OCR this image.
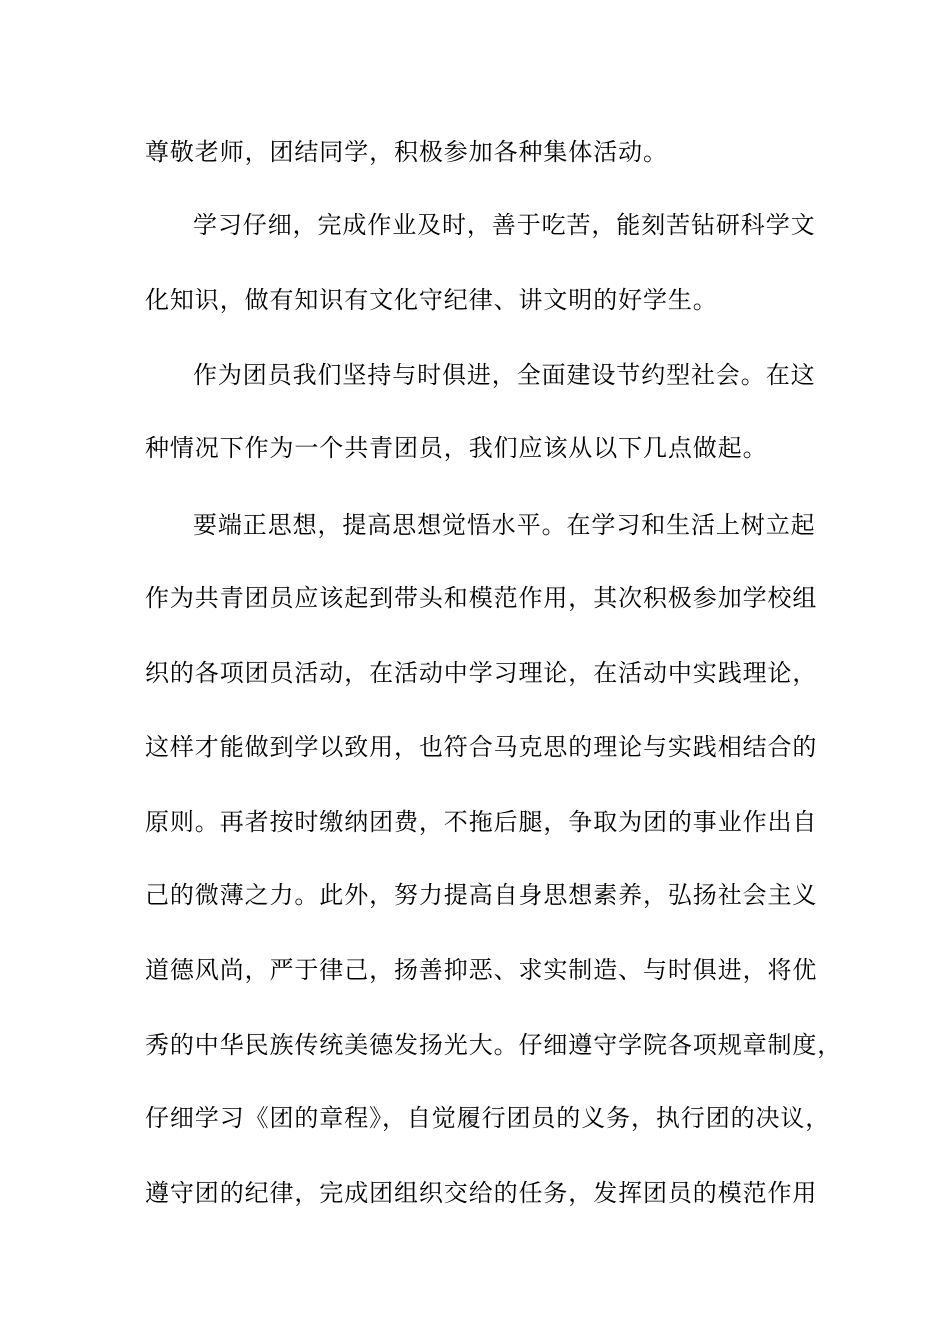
尊敬老师，团结同学，积极参加各种集体活动。
学习仔细，完成作业及时，善于吃苦，能刻苦钻研科学文
化知识，做有知识有文化守纪律、讲文明的好学生。
作为团员我们坚持与时俱进，全面建设节约型社会。在这
种情况下作为一个共青团员，我们应该从以下几点做起。
要端正思想，提高思想觉悟水平。在学习和生活上树立起
作为共青团员应该起到带头和模范作用，其次积极参加学校组
织的各项团员活动，在活动中学习理论，在活动中实践理论，
这样才能做到学以致用，也符合马克思的理论与实践相结合的
原则。再者按时缴纳团费，不拖后腿，争取为团的事业作出自
己的微薄之力。此外，努力提高自身思想素养，弘扬社会主义
道德风尚，严于律己，扬善抑恶、求实制造、与时俱进，将优
秀的中华民族传统美德发扬光大。仔细遵守学院各项规章制度，
仔细学习《团的章程》，自觉履行团员的义务，执行团的决议，
遵守团的纪律，完成团组织交给的任务，发挥团员的模范作用
